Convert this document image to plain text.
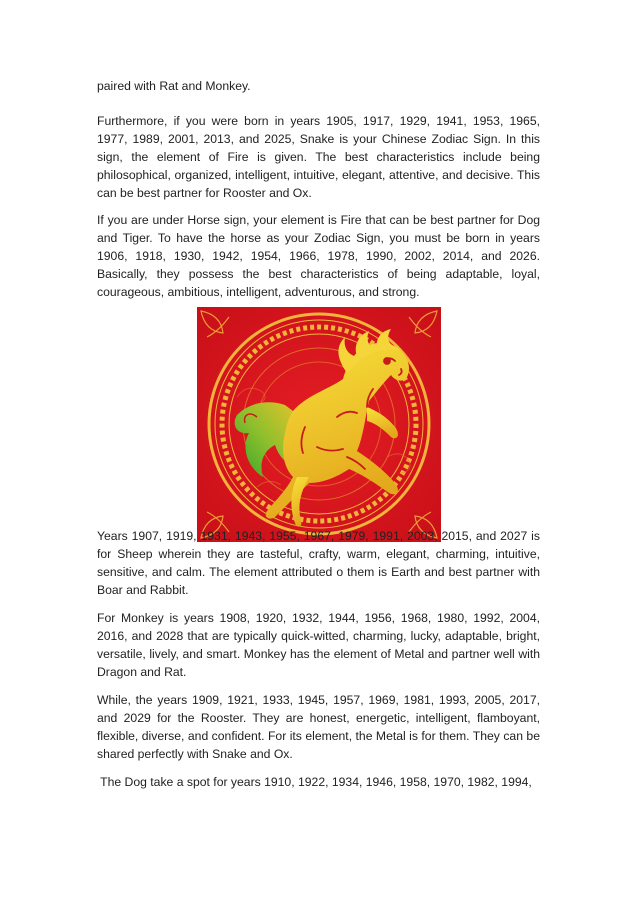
paired with Rat and Monkey.

Furthermore, if you were born in years 1905, 1917, 1929, 1941, 1953, 1965, 1977, 1989, 2001, 2013, and 2025, Snake is your Chinese Zodiac Sign. In this sign, the element of Fire is given. The best characteristics include being philosophical, organized, intelligent, intuitive, elegant, attentive, and decisive. This can be best partner for Rooster and Ox.

If you are under Horse sign, your element is Fire that can be best partner for Dog and Tiger. To have the horse as your Zodiac Sign, you must be born in years 1906, 1918, 1930, 1942, 1954, 1966, 1978, 1990, 2002, 2014, and 2026. Basically, they possess the best characteristics of being adaptable, loyal, courageous, ambitious, intelligent, adventurous, and strong.

Years 1907, 1919, 1931, 1943, 1955, 1967, 1979, 1991, 2003, 2015, and 2027 is for Sheep wherein they are tasteful, crafty, warm, elegant, charming, intuitive, sensitive, and calm. The element attributed o them is Earth and best partner with Boar and Rabbit.

For Monkey is years 1908, 1920, 1932, 1944, 1956, 1968, 1980, 1992, 2004, 2016, and 2028 that are typically quick-witted, charming, lucky, adaptable, bright, versatile, lively, and smart. Monkey has the element of Metal and partner well with Dragon and Rat.

While, the years 1909, 1921, 1933, 1945, 1957, 1969, 1981, 1993, 2005, 2017, and 2029 for the Rooster. They are honest, energetic, intelligent, flamboyant, flexible, diverse, and confident. For its element, the Metal is for them. They can be shared perfectly with Snake and Ox.

The Dog take a spot for years 1910, 1922, 1934, 1946, 1958, 1970, 1982, 1994,
